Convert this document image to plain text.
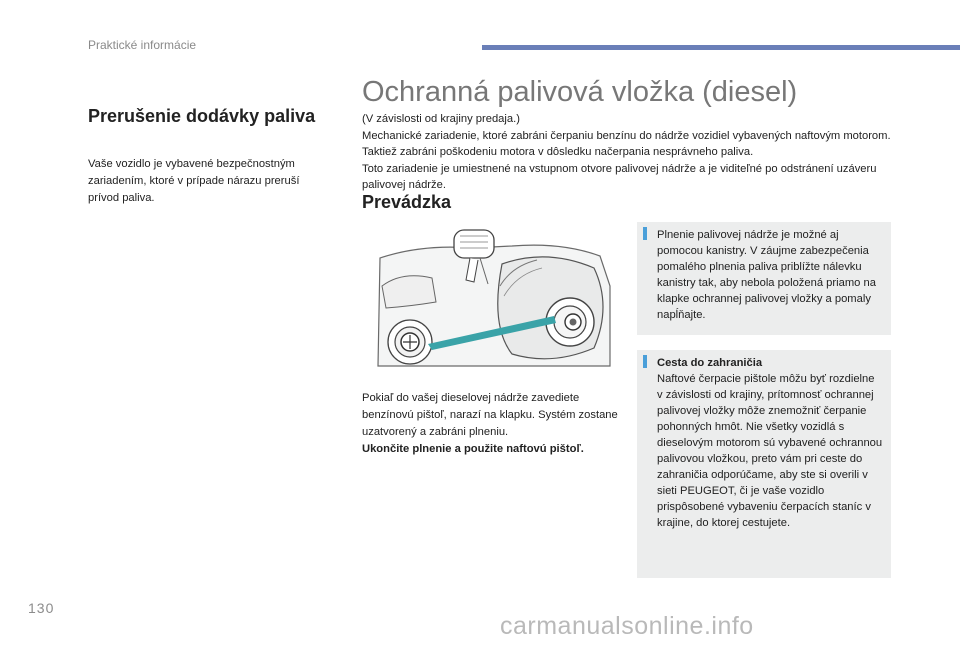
Praktické informácie
Prerušenie dodávky paliva
Vaše vozidlo je vybavené bezpečnostným zariadením, ktoré v prípade nárazu preruší prívod paliva.
Ochranná palivová vložka (diesel)

(V závislosti od krajiny predaja.)

Mechanické zariadenie, ktoré zabráni čerpaniu benzínu do nádrže vozidiel vybavených naftovým motorom. Taktiež zabráni poškodeniu motora v dôsledku načerpania nesprávneho paliva.

Toto zariadenie je umiestnené na vstupnom otvore palivovej nádrže a je viditeľné po odstránení uzáveru palivovej nádrže.

Prevádzka

Pokiaľ do vašej dieselovej nádrže zavediete benzínovú pištoľ, narazí na klapku. Systém zostane uzatvorený a zabráni plneniu.

Ukončite plnenie a použite naftovú pištoľ.

Plnenie palivovej nádrže je možné aj pomocou kanistry. V záujme zabezpečenia pomalého plnenia paliva priblížte nálevku kanistry tak, aby nebola položená priamo na klapke ochrannej palivovej vložky a pomaly napĺňajte.

Cesta do zahraničia

Naftové čerpacie pištole môžu byť rozdielne v závislosti od krajiny, prítomnosť ochrannej palivovej vložky môže znemožniť čerpanie pohonných hmôt. Nie všetky vozidlá s dieselovým motorom sú vybavené ochrannou palivovou vložkou, preto vám pri ceste do zahraničia odporúčame, aby ste si overili v sieti PEUGEOT, či je vaše vozidlo prispôsobené vybaveniu čerpacích staníc v krajine, do ktorej cestujete.

130
carmanualsonline.info
